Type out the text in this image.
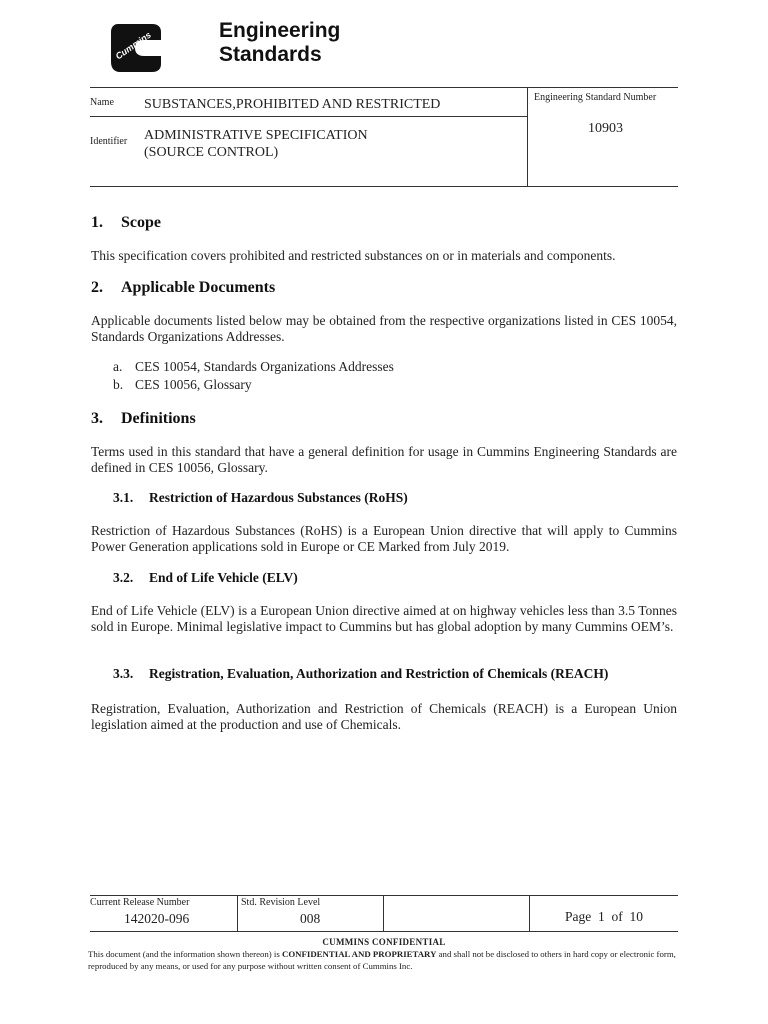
Cummins	Engineering
Standards
Name SUBSTANCES,PROHIBITED AND RESTRICTED
Identifier ADMINISTRATIVE SPECIFICATION
(SOURCE CONTROL)
Engineering Standard Number
10903
1. Scope

This specification covers prohibited and restricted substances on or in materials and components.

2. Applicable Documents

Applicable documents listed below may be obtained from the respective organizations listed in CES 10054, Standards Organizations Addresses.

a. CES 10054, Standards Organizations Addresses
b. CES 10056, Glossary
3. Definitions

Terms used in this standard that have a general definition for usage in Cummins Engineering Standards are defined in CES 10056, Glossary.

3.1. Restriction of Hazardous Substances (RoHS)

Restriction of Hazardous Substances (RoHS) is a European Union directive that will apply to Cummins Power Generation applications sold in Europe or CE Marked from July 2019.

3.2. End of Life Vehicle (ELV)

End of Life Vehicle (ELV) is a European Union directive aimed at on highway vehicles less than 3.5 Tonnes sold in Europe. Minimal legislative impact to Cummins but has global adoption by many Cummins OEM’s.

3.3. Registration, Evaluation, Authorization and Restriction of Chemicals (REACH)

Registration, Evaluation, Authorization and Restriction of Chemicals (REACH) is a European Union legislation aimed at the production and use of Chemicals.

Current Release Number
142020-096
Std. Revision Level
008	Page 1 of 10
CUMMINS CONFIDENTIAL
This document (and the information shown thereon) is CONFIDENTIAL AND PROPRIETARY and shall not be disclosed to others in hard copy or electronic form, reproduced by any means, or used for any purpose without written consent of Cummins Inc.
